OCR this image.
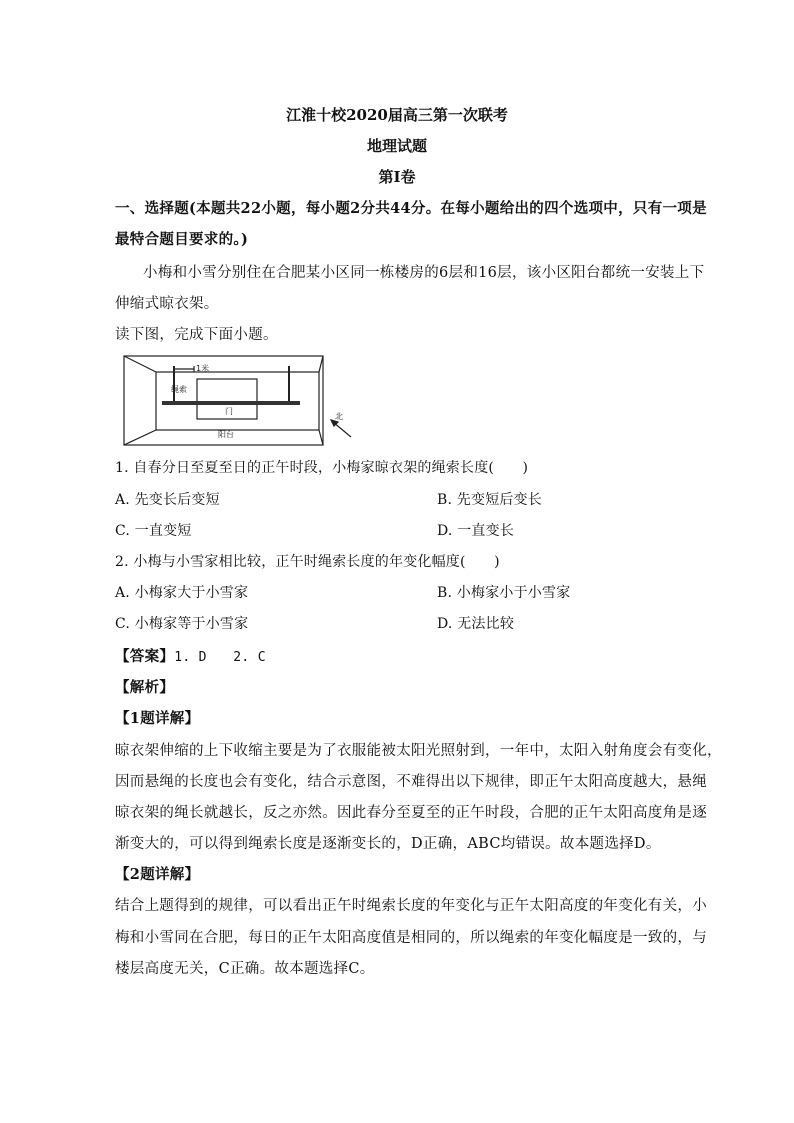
江淮十校2020届高三第一次联考
地理试题
第I卷
一、选择题(本题共22小题，每小题2分共44分。在每小题给出的四个选项中，只有一项是
最特合题目要求的。)
小梅和小雪分别住在合肥某小区同一栋楼房的6层和16层，该小区阳台都统一安装上下
伸缩式晾衣架。
读下图，完成下面小题。
绳索
1米
门
阳台
北
1. 自春分日至夏至日的正午时段，小梅家晾衣架的绳索长度(　　)
A. 先变长后变短	B. 先变短后变长
C. 一直变短	D. 一直变长
2. 小梅与小雪家相比较，正午时绳索长度的年变化幅度(　　)
A. 小梅家大于小雪家	B. 小梅家小于小雪家
C. 小梅家等于小雪家	D. 无法比较
【答案】1. D　　2. C
【解析】
【1题详解】
晾衣架伸缩的上下收缩主要是为了衣服能被太阳光照射到，一年中，太阳入射角度会有变化，
因而悬绳的长度也会有变化，结合示意图，不难得出以下规律，即正午太阳高度越大，悬绳
晾衣架的绳长就越长，反之亦然。因此春分至夏至的正午时段，合肥的正午太阳高度角是逐
渐变大的，可以得到绳索长度是逐渐变长的，D正确，ABC均错误。故本题选择D。
【2题详解】
结合上题得到的规律，可以看出正午时绳索长度的年变化与正午太阳高度的年变化有关，小
梅和小雪同在合肥，每日的正午太阳高度值是相同的，所以绳索的年变化幅度是一致的，与
楼层高度无关，C正确。故本题选择C。
